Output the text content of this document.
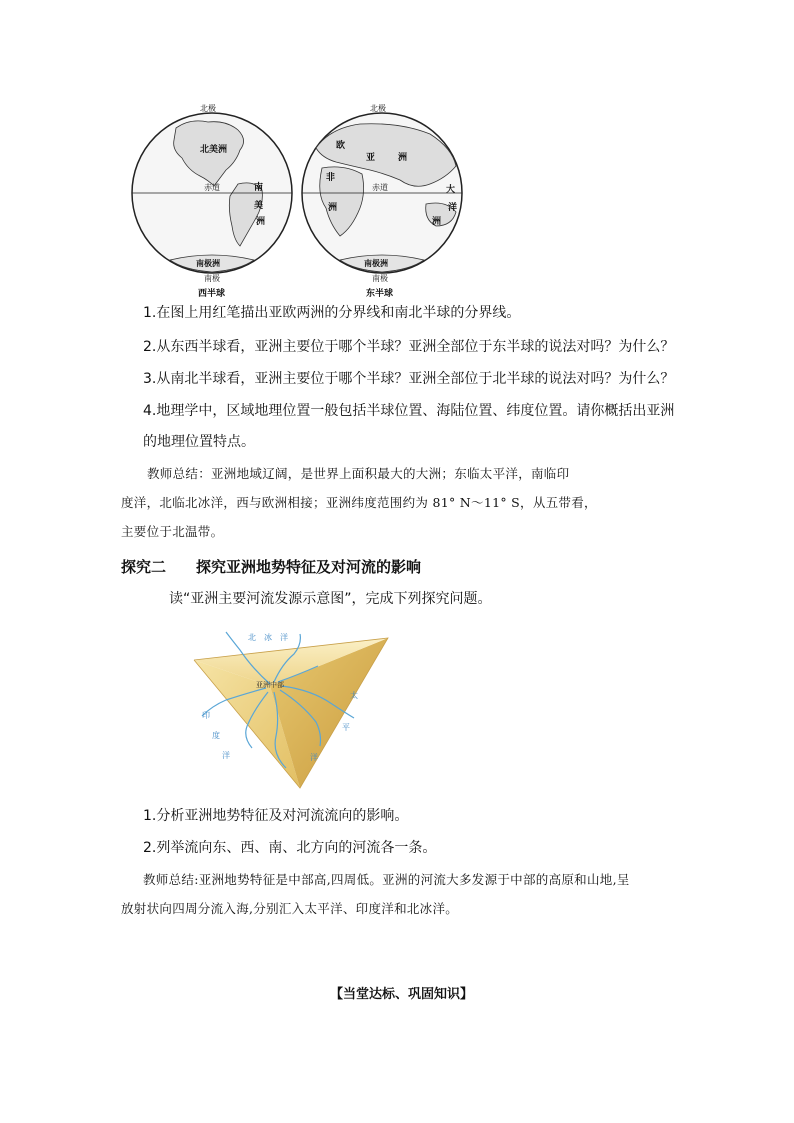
北极
北美洲
赤道	南
美
洲
南极洲
南极
西半球
北极
欧
亚	洲
非
赤道
洲
大
洋
洲
南极洲
南极
东半球
1.在图上用红笔描出亚欧两洲的分界线和南北半球的分界线。
2.从东西半球看，亚洲主要位于哪个半球？亚洲全部位于东半球的说法对吗？为什么？
3.从南北半球看，亚洲主要位于哪个半球？亚洲全部位于北半球的说法对吗？为什么？
4.地理学中，区域地理位置一般包括半球位置、海陆位置、纬度位置。请你概括出亚洲
的地理位置特点。
教师总结：亚洲地域辽阔，是世界上面积最大的大洲；东临太平洋，南临印
度洋，北临北冰洋，西与欧洲相接；亚洲纬度范围约为 81° N～11° S，从五带看，
主要位于北温带。
探究二　　探究亚洲地势特征及对河流的影响
读“亚洲主要河流发源示意图”，完成下列探究问题。
北　冰　洋
亚洲中部
印
度
洋
太
平
洋
1.分析亚洲地势特征及对河流流向的影响。
2.列举流向东、西、南、北方向的河流各一条。
教师总结:亚洲地势特征是中部高,四周低。亚洲的河流大多发源于中部的高原和山地,呈
放射状向四周分流入海,分别汇入太平洋、印度洋和北冰洋。
【当堂达标、巩固知识】
